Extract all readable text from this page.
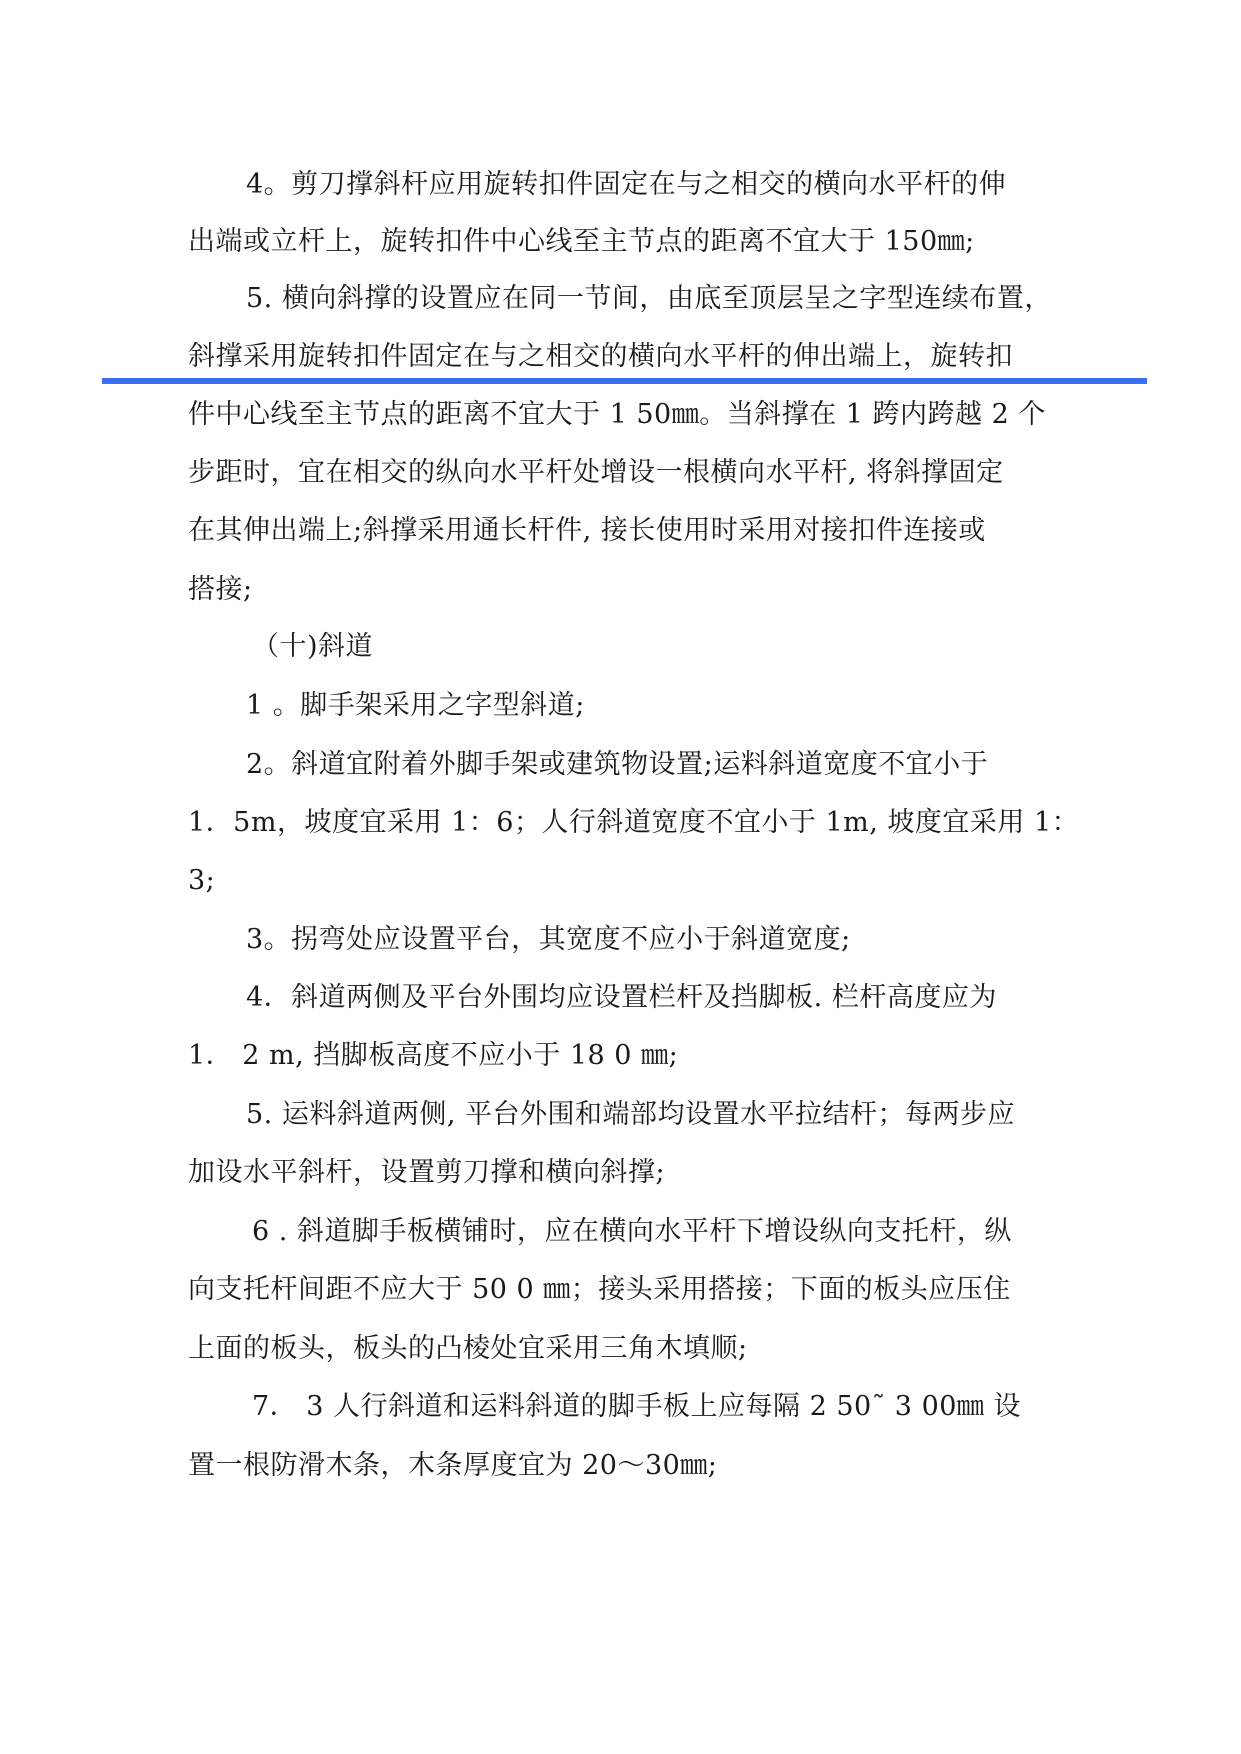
4。剪刀撑斜杆应用旋转扣件固定在与之相交的横向水平杆的伸
出端或立杆上，旋转扣件中心线至主节点的距离不宜大于 150㎜;
5. 横向斜撑的设置应在同一节间，由底至顶层呈之字型连续布置，
斜撑采用旋转扣件固定在与之相交的横向水平杆的伸出端上，旋转扣
件中心线至主节点的距离不宜大于 1 50㎜。当斜撑在 1 跨内跨越 2 个
步距时，宜在相交的纵向水平杆处增设一根横向水平杆, 将斜撑固定
在其伸出端上;斜撑采用通长杆件, 接长使用时采用对接扣件连接或
搭接;
（十)斜道
1 。脚手架采用之字型斜道;
2。斜道宜附着外脚手架或建筑物设置;运料斜道宽度不宜小于
1．5m，坡度宜采用 1：6；人行斜道宽度不宜小于 1m, 坡度宜采用 1：
3;
3。拐弯处应设置平台，其宽度不应小于斜道宽度;
4．斜道两侧及平台外围均应设置栏杆及挡脚板. 栏杆高度应为
1． 2 m, 挡脚板高度不应小于 18 0 ㎜;
5. 运料斜道两侧, 平台外围和端部均设置水平拉结杆；每两步应
加设水平斜杆，设置剪刀撑和横向斜撑;
6 . 斜道脚手板横铺时，应在横向水平杆下增设纵向支托杆，纵
向支托杆间距不应大于 50 0 ㎜；接头采用搭接；下面的板头应压住
上面的板头，板头的凸棱处宜采用三角木填顺;
7． 3 人行斜道和运料斜道的脚手板上应每隔 2 50˜ 3 00㎜ 设
置一根防滑木条，木条厚度宜为 20～30㎜;
